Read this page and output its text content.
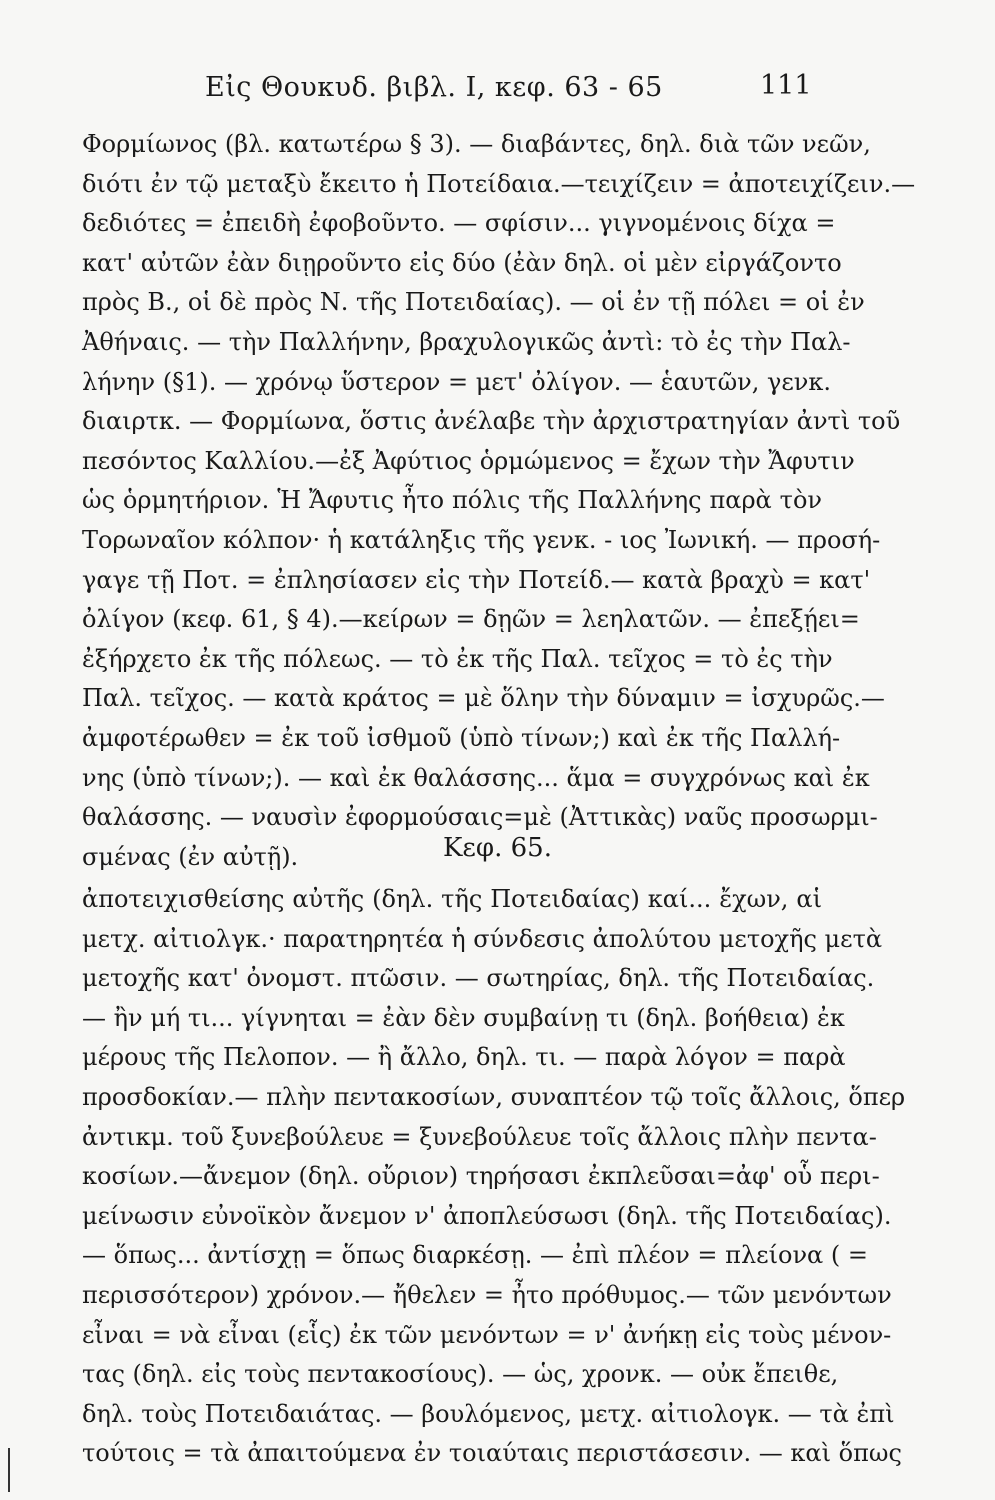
Εἰς Θουκυδ. βιβλ. Ι, κεφ. 63 - 65	111
Φορμίωνος (βλ. κατωτέρω § 3). — διαβάντες, δηλ. διὰ τῶν νεῶν,
διότι ἐν τῷ μεταξὺ ἔκειτο ἡ Ποτείδαια.—τειχίζειν = ἀποτειχίζειν.—
δεδιότες = ἐπειδὴ ἐφοβοῦντο. — σφίσιν... γιγνομένοις δίχα =
κατ' αὐτῶν ἐὰν διῃροῦντο εἰς δύο (ἐὰν δηλ. οἱ μὲν εἰργάζοντο
πρὸς Β., οἱ δὲ πρὸς Ν. τῆς Ποτειδαίας). — οἱ ἐν τῇ πόλει = οἱ ἐν
Ἀθήναις. — τὴν Παλλήνην, βραχυλογικῶς ἀντὶ: τὸ ἐς τὴν Παλ-
λήνην (§1). — χρόνῳ ὕστερον = μετ' ὀλίγον. — ἑαυτῶν, γενκ.
διαιρτκ. — Φορμίωνα, ὅστις ἀνέλαβε τὴν ἀρχιστρατηγίαν ἀντὶ τοῦ
πεσόντος Καλλίου.—ἐξ Ἀφύτιος ὁρμώμενος = ἔχων τὴν Ἄφυτιν
ὡς ὁρμητήριον. Ἡ Ἄφυτις ἦτο πόλις τῆς Παλλήνης παρὰ τὸν
Τορωναῖον κόλπον· ἡ κατάληξις τῆς γενκ. - ιος Ἰωνική. — προσή-
γαγε τῇ Ποτ. = ἐπλησίασεν εἰς τὴν Ποτείδ.— κατὰ βραχὺ = κατ'
ὀλίγον (κεφ. 61, § 4).—κείρων = δῃῶν = λεηλατῶν. — ἐπεξῄει=
ἐξήρχετο ἐκ τῆς πόλεως. — τὸ ἐκ τῆς Παλ. τεῖχος = τὸ ἐς τὴν
Παλ. τεῖχος. — κατὰ κράτος = μὲ ὅλην τὴν δύναμιν = ἰσχυρῶς.—
ἀμφοτέρωθεν = ἐκ τοῦ ἰσθμοῦ (ὑπὸ τίνων;) καὶ ἐκ τῆς Παλλή-
νης (ὑπὸ τίνων;). — καὶ ἐκ θαλάσσης... ἅμα = συγχρόνως καὶ ἐκ
θαλάσσης. — ναυσὶν ἐφορμούσαις=μὲ (Ἀττικὰς) ναῦς προσωρμι-
σμένας (ἐν αὐτῇ).	Κεφ. 65.
ἀποτειχισθείσης αὐτῆς (δηλ. τῆς Ποτειδαίας) καί... ἔχων, αἱ
μετχ. αἰτιολγκ.· παρατηρητέα ἡ σύνδεσις ἀπολύτου μετοχῆς μετὰ
μετοχῆς κατ' ὀνομστ. πτῶσιν. — σωτηρίας, δηλ. τῆς Ποτειδαίας.
— ἢν μή τι... γίγνηται = ἐὰν δὲν συμβαίνῃ τι (δηλ. βοήθεια) ἐκ
μέρους τῆς Πελοπον. — ἢ ἄλλο, δηλ. τι. — παρὰ λόγον = παρὰ
προσδοκίαν.— πλὴν πεντακοσίων, συναπτέον τῷ τοῖς ἄλλοις, ὅπερ
ἀντικμ. τοῦ ξυνεβούλευε = ξυνεβούλευε τοῖς ἄλλοις πλὴν πεντα-
κοσίων.—ἄνεμον (δηλ. οὔριον) τηρήσασι ἐκπλεῦσαι=ἀφ' οὗ περι-
μείνωσιν εὐνοϊκὸν ἄνεμον ν' ἀποπλεύσωσι (δηλ. τῆς Ποτειδαίας).
— ὅπως... ἀντίσχῃ = ὅπως διαρκέσῃ. — ἐπὶ πλέον = πλείονα ( =
περισσότερον) χρόνον.— ἤθελεν = ἦτο πρόθυμος.— τῶν μενόντων
εἶναι = νὰ εἶναι (εἷς) ἐκ τῶν μενόντων = ν' ἀνήκῃ εἰς τοὺς μένον-
τας (δηλ. εἰς τοὺς πεντακοσίους). — ὡς, χρονκ. — οὐκ ἔπειθε,
δηλ. τοὺς Ποτειδαιάτας. — βουλόμενος, μετχ. αἰτιολογκ. — τὰ ἐπὶ
τούτοις = τὰ ἀπαιτούμενα ἐν τοιαύταις περιστάσεσιν. — καὶ ὅπως
